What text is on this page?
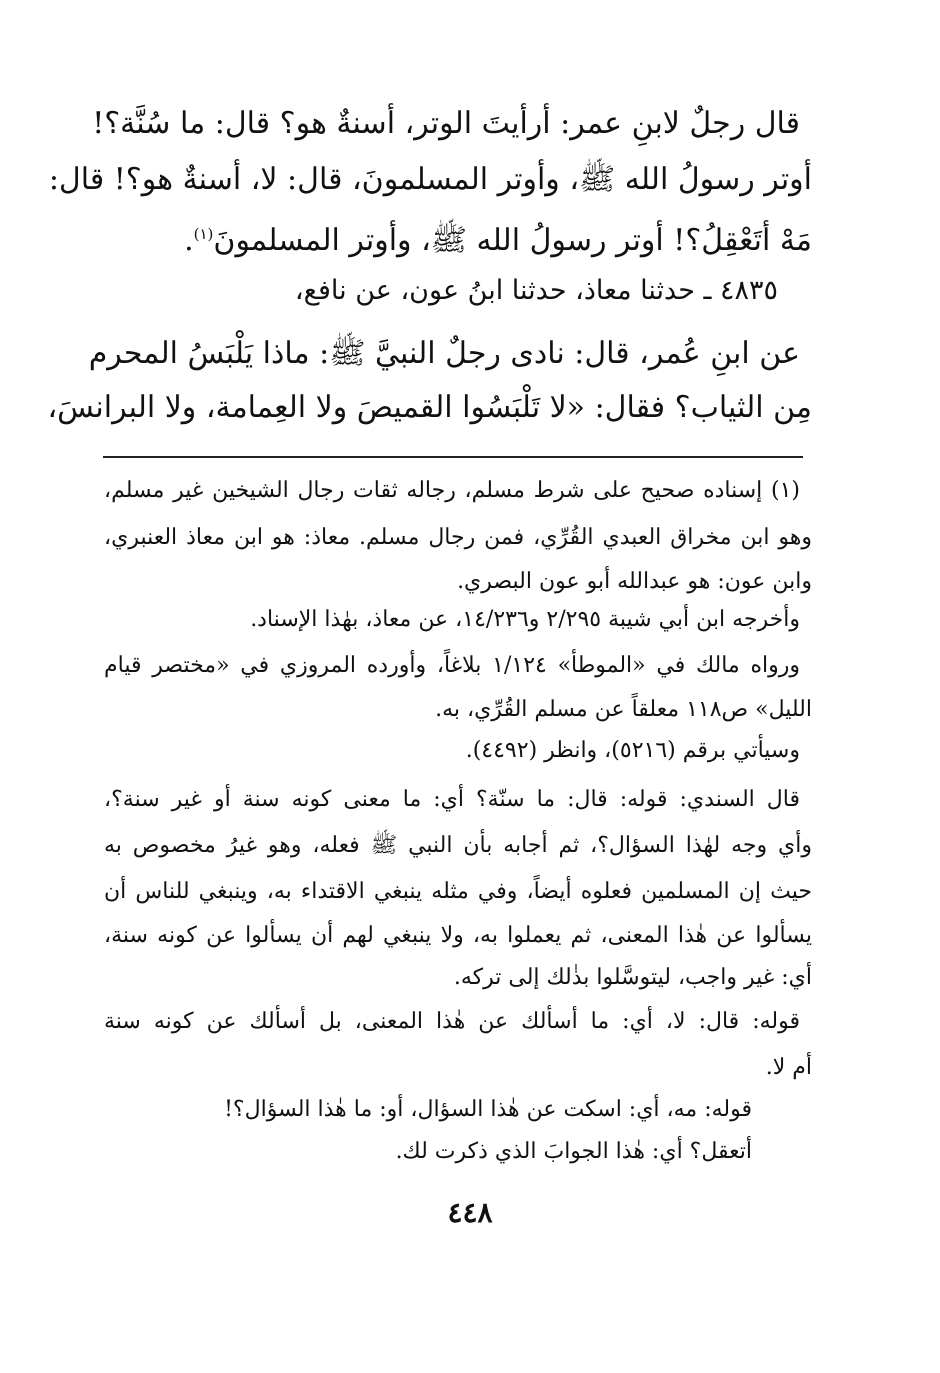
قال رجلٌ لابنِ عمر: أرأيتَ الوتر، أسنةٌ هو؟ قال: ما سُنَّة؟!
أوتر رسولُ الله ﷺ، وأوتر المسلمونَ، قال: لا، أسنةٌ هو؟! قال:
مَهْ أتَعْقِلُ؟! أوتر رسولُ الله ﷺ، وأوتر المسلمونَ$^{(١)}$.
٤٨٣٥ ـ حدثنا معاذ، حدثنا ابنُ عون، عن نافع،
عن ابنِ عُمر، قال: نادى رجلٌ النبيَّ ﷺ: ماذا يَلْبَسُ المحرم
مِن الثياب؟ فقال: «لا تَلْبَسُوا القميصَ ولا العِمامة، ولا البرانسَ،
(١) إسناده صحيح على شرط مسلم، رجاله ثقات رجال الشيخين غير مسلم،
وهو ابن مخراق العبدي القُرِّي، فمن رجال مسلم. معاذ: هو ابن معاذ العنبري،
وابن عون: هو عبدالله أبو عون البصري.
وأخرجه ابن أبي شيبة ٢/٢٩٥ و١٤/٢٣٦، عن معاذ، بهٰذا الإسناد.
ورواه مالك في «الموطأ» ١/١٢٤ بلاغاً، وأورده المروزي في «مختصر قيام
الليل» ص١١٨ معلقاً عن مسلم القُرِّي، به.
وسيأتي برقم (٥٢١٦)، وانظر (٤٤٩٢).
قال السندي: قوله: قال: ما سنّة؟ أي: ما معنى كونه سنة أو غير سنة؟،
وأي وجه لهٰذا السؤال؟، ثم أجابه بأن النبي ﷺ فعله، وهو غيرُ مخصوص به
حيث إن المسلمين فعلوه أيضاً، وفي مثله ينبغي الاقتداء به، وينبغي للناس أن
يسألوا عن هٰذا المعنى، ثم يعملوا به، ولا ينبغي لهم أن يسألوا عن كونه سنة،
أي: غير واجب، ليتوسَّلوا بذٰلك إلى تركه.
قوله: قال: لا، أي: ما أسألك عن هٰذا المعنى، بل أسألك عن كونه سنة
أم لا.
قوله: مه، أي: اسكت عن هٰذا السؤال، أو: ما هٰذا السؤال؟!
أتعقل؟ أي: هٰذا الجوابَ الذي ذكرت لك.
٤٤٨
